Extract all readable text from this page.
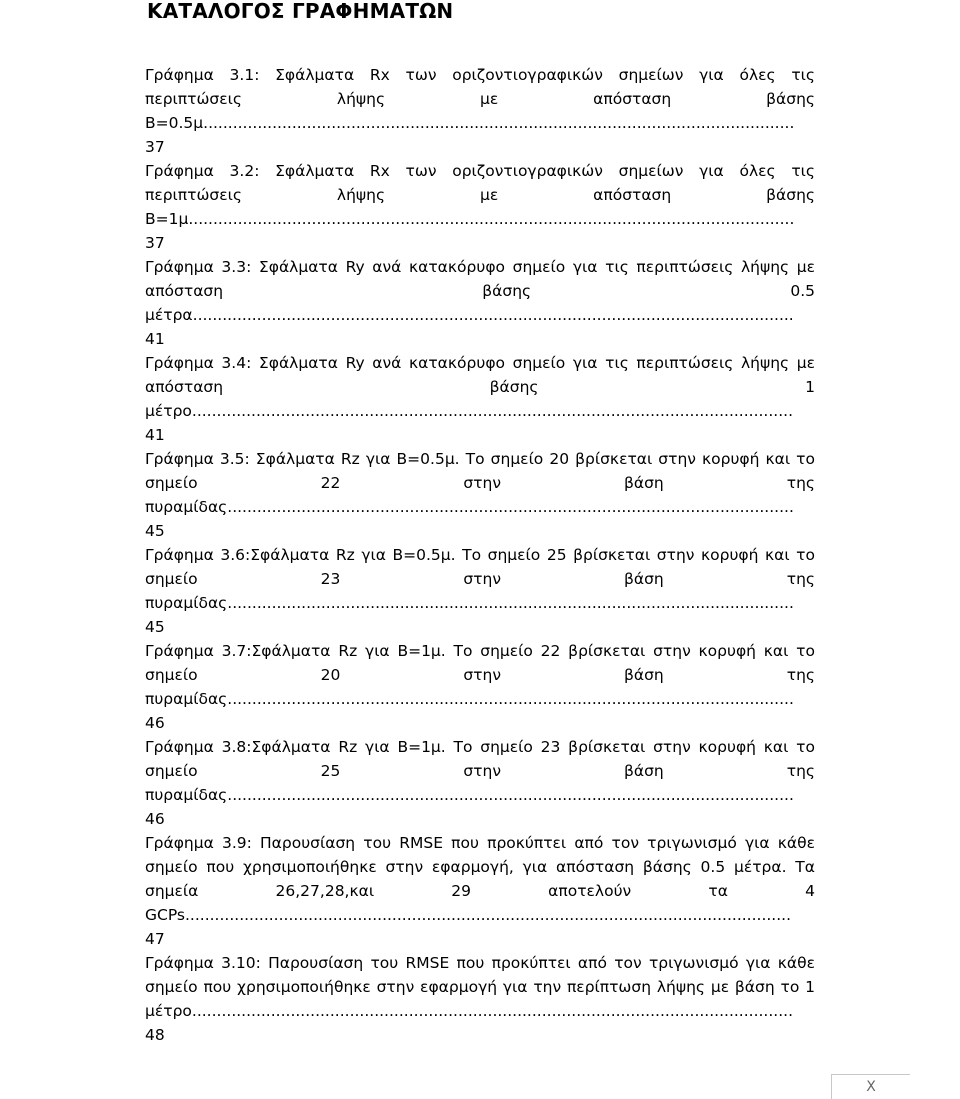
ΚΑΤΑΛΟΓΟΣ ΓΡΑΦΗΜΑΤΩΝ
Γράφημα 3.1: Σφάλματα Rx των οριζοντιογραφικών σημείων για όλες τις περιπτώσεις λήψης με απόσταση βάσης Β=0.5μ........................................................................................................................ 37
Γράφημα 3.2: Σφάλματα Rx των οριζοντιογραφικών σημείων για όλες τις περιπτώσεις λήψης με απόσταση βάσης Β=1μ........................................................................................................................... 37
Γράφημα 3.3: Σφάλματα Ry ανά κατακόρυφο σημείο για τις περιπτώσεις λήψης με απόσταση βάσης 0.5 μέτρα.......................................................................................................................... 41
Γράφημα 3.4: Σφάλματα Ry ανά κατακόρυφο σημείο για τις περιπτώσεις λήψης με απόσταση βάσης 1 μέτρο.......................................................................................................................... 41
Γράφημα 3.5: Σφάλματα Rz για Β=0.5μ. Το σημείο 20 βρίσκεται στην κορυφή και το σημείο 22 στην βάση της πυραμίδας................................................................................................................... 45
Γράφημα 3.6:Σφάλματα Rz για Β=0.5μ. Το σημείο 25 βρίσκεται στην κορυφή και το σημείο 23 στην βάση της πυραμίδας................................................................................................................... 45
Γράφημα 3.7:Σφάλματα Rz για Β=1μ. Το σημείο 22 βρίσκεται στην κορυφή και το σημείο 20 στην βάση της πυραμίδας................................................................................................................... 46
Γράφημα 3.8:Σφάλματα Rz για Β=1μ. Το σημείο 23 βρίσκεται στην κορυφή και το σημείο 25 στην βάση της πυραμίδας................................................................................................................... 46
Γράφημα 3.9: Παρουσίαση του RMSE που προκύπτει από τον τριγωνισμό για κάθε σημείο που χρησιμοποιήθηκε στην εφαρμογή, για απόσταση βάσης 0.5 μέτρα. Τα σημεία 26,27,28,και 29 αποτελούν τα 4 GCPs........................................................................................................................... 47
Γράφημα 3.10: Παρουσίαση του RMSE που προκύπτει από τον τριγωνισμό για κάθε σημείο που χρησιμοποιήθηκε στην εφαρμογή για την περίπτωση λήψης με βάση το 1 μέτρο.......................................................................................................................... 48
X
